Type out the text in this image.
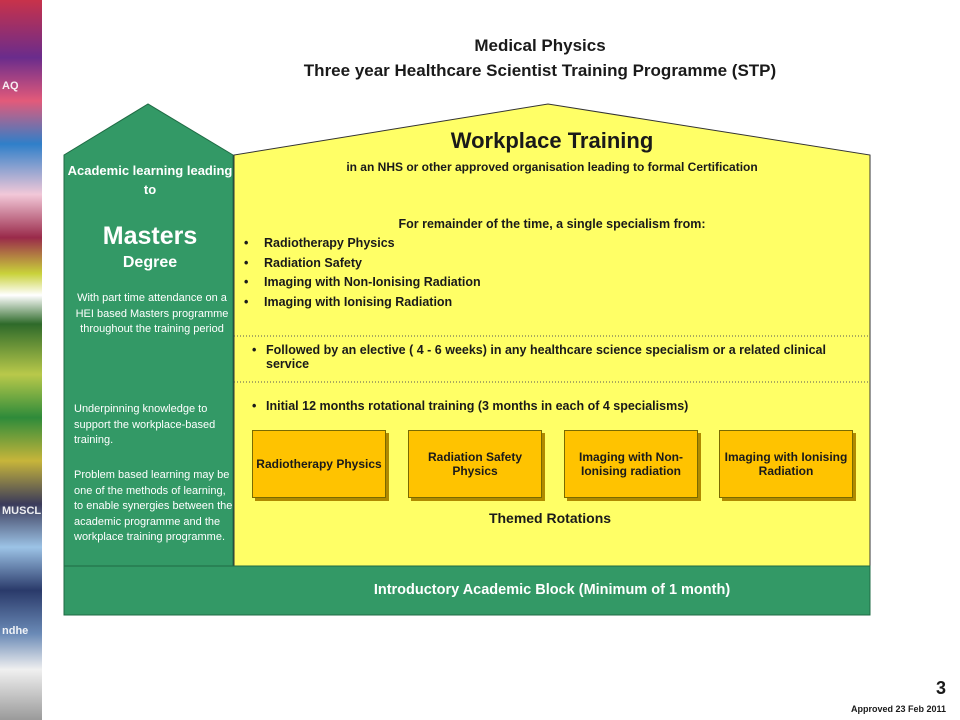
AQ
MUSCL
ndhe
Medical Physics
Three year Healthcare Scientist Training Programme (STP)
Academic learning leading to
Masters
Degree
With part time attendance on a HEI based Masters programme throughout the training period
Underpinning knowledge to support the workplace-based training.
Problem based learning may be one of the methods of learning, to enable synergies between the academic programme and the workplace training programme.
Workplace Training
in an NHS or other approved organisation leading to formal Certification
For remainder of the time, a single specialism from:
• Radiotherapy Physics
• Radiation Safety
• Imaging with Non-Ionising Radiation
• Imaging with Ionising Radiation
• Followed by an elective ( 4 - 6 weeks) in any healthcare science specialism or a related clinical service
• Initial 12 months rotational training (3 months in each of 4 specialisms)
Radiotherapy Physics	Radiation Safety Physics
Imaging with Non-Ionising radiation
Imaging with Ionising Radiation
Themed Rotations
Introductory Academic Block (Minimum of 1 month)
3
Approved 23 Feb 2011
